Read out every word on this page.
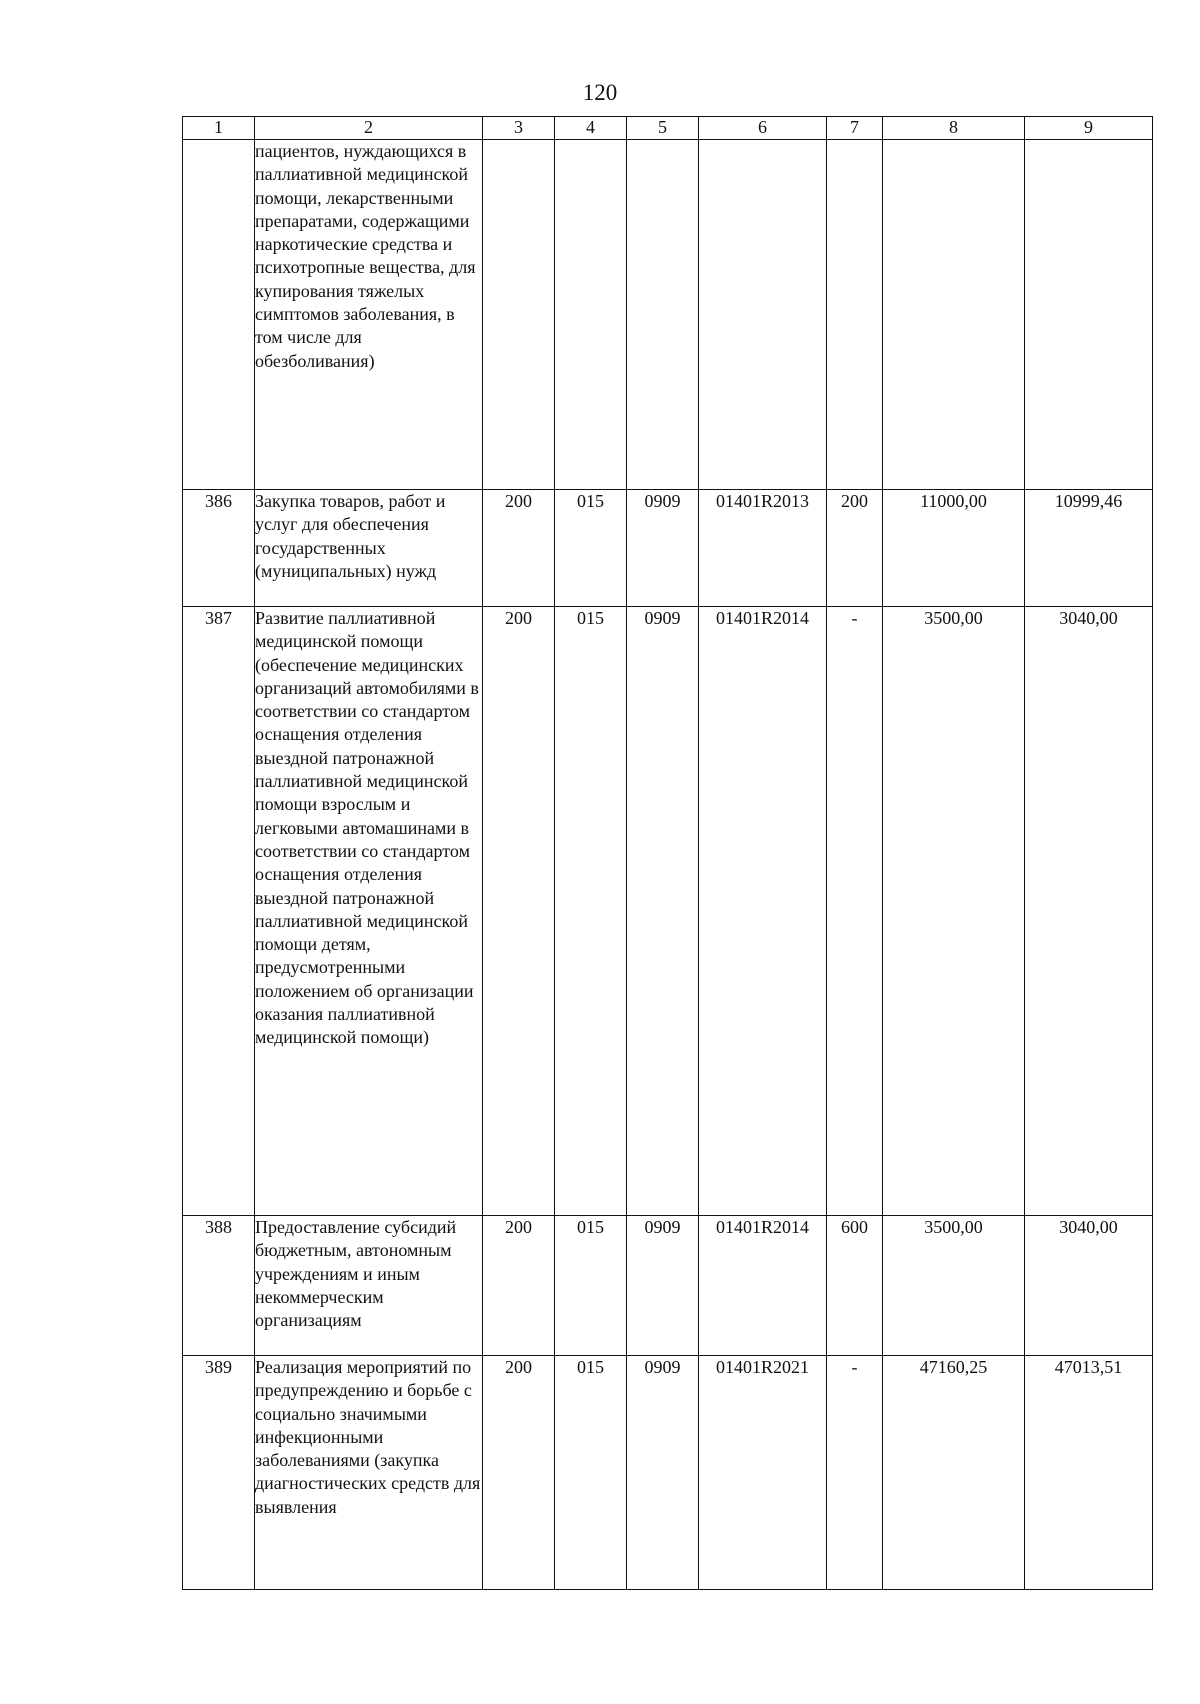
120
1	2	3	4	5	6	7	8	9
	пациентов, нуждающихся в паллиативной медицинской помощи, лекарственными препаратами, содержащими наркотические средства и психотропные вещества, для купирования тяжелых симптомов заболевания, в том числе для обезболивания)							
386	Закупка товаров, работ и услуг для обеспечения государственных (муниципальных) нужд	200	015	0909	01401R2013	200	11000,00	10999,46
387	Развитие паллиативной медицинской помощи (обеспечение медицинских организаций автомобилями в соответствии со стандартом оснащения отделения выездной патронажной паллиативной медицинской помощи взрослым и легковыми автомашинами в соответствии со стандартом оснащения отделения выездной патронажной паллиативной медицинской помощи детям, предусмотренными положением об организации оказания паллиативной медицинской помощи)	200	015	0909	01401R2014	-	3500,00	3040,00
388	Предоставление субсидий бюджетным, автономным учреждениям и иным некоммерческим организациям	200	015	0909	01401R2014	600	3500,00	3040,00
389	Реализация мероприятий по предупреждению и борьбе с социально значимыми инфекционными заболеваниями (закупка диагностических средств для выявления	200	015	0909	01401R2021	-	47160,25	47013,51
